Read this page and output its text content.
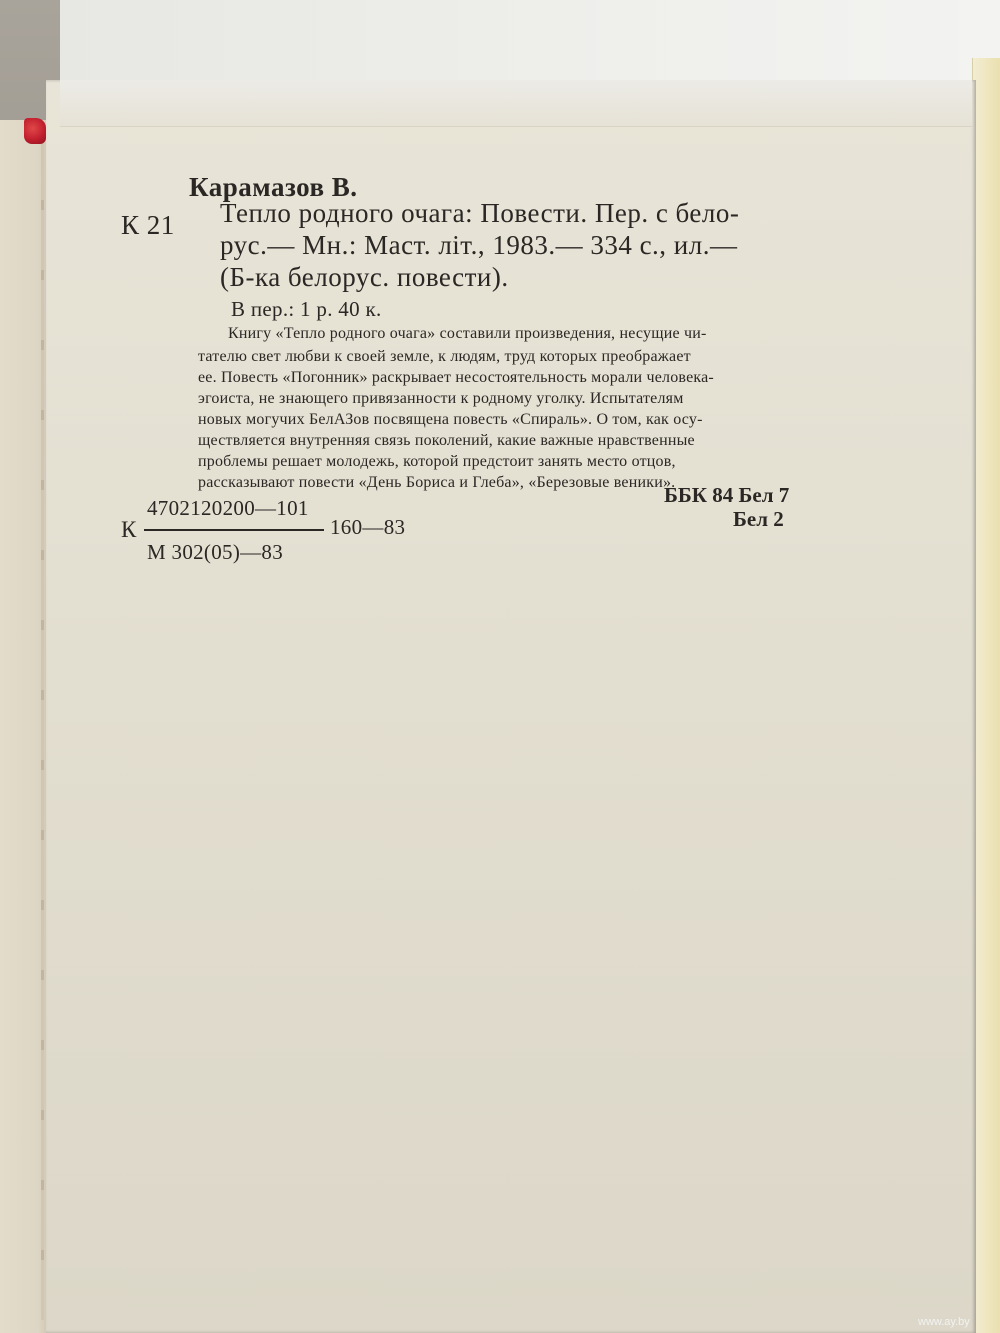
Карамазов В.
К 21 Тепло родного очага: Повести. Пер. с бело-
рус.— Мн.: Маст. літ., 1983.— 334 с., ил.—
(Б-ка белорус. повести).
В пер.: 1 р. 40 к.
Книгу «Тепло родного очага» составили произведения, несущие чи-
тателю свет любви к своей земле, к людям, труд которых преображает
ее. Повесть «Погонник» раскрывает несостоятельность морали человека-
эгоиста, не знающего привязанности к родному уголку. Испытателям
новых могучих БелАЗов посвящена повесть «Спираль». О том, как осу-
ществляется внутренняя связь поколений, какие важные нравственные
проблемы решает молодежь, которой предстоит занять место отцов,
рассказывают повести «День Бориса и Глеба», «Березовые веники».
4702120200—101
К	160—83
М 302(05)—83
ББК 84 Бел 7
Бел 2
www.ay.by
